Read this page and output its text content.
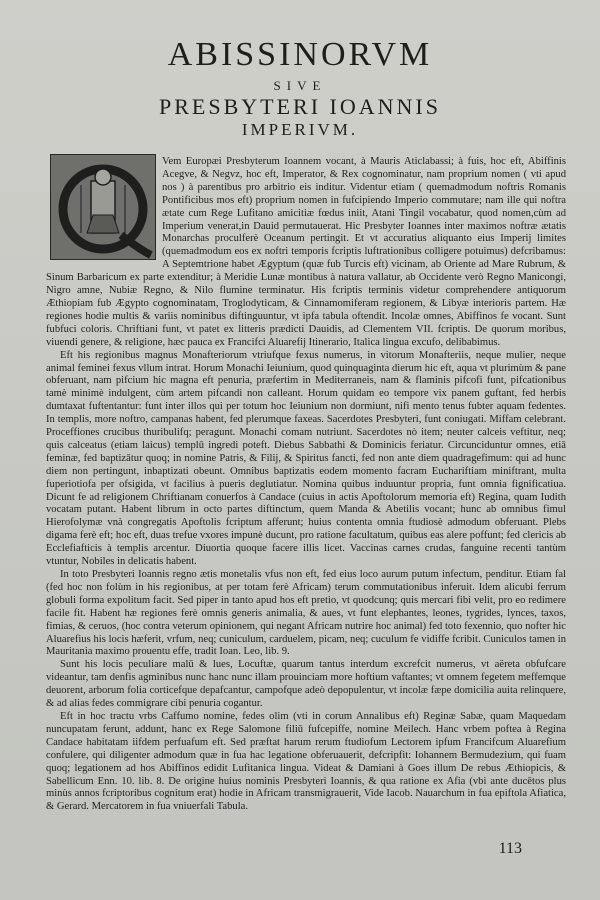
ABISSINORVM
SIVE
PRESBYTERI IOANNIS
IMPERIVM.

Vem Europæi Presbyterum Ioannem vocant, à Mauris Aticlabassi; à fuis, hoc eft, Abiffinis Acegve, & Negvz, hoc eft, Imperator, & Rex cognominatur, nam proprium nomen ( vti apud nos ) à parentibus pro arbitrio eis inditur. Videntur etiam ( quemadmodum noftris Romanis Pontificibus mos eft) proprium nomen in fufcipiendo Imperio commutare; nam ille qui noftra ætate cum Rege Lufitano amicitiæ fœdus iniit, Atani Tingil vocabatur, quod nomen,cùm ad Imperium venerat,in Dauid permutauerat. Hic Presbyter Ioannes inter maximos noftræ ætatis Monarchas proculferè Oceanum pertingit. Et vt accuratius aliquanto eius Imperij limites (quemadmodum eos ex noftri temporis fcriptis luftrationibus colligere potuimus) defcribamus: A Septemtrione habet Ægyptum (quæ fub Turcis eft) vicinam, ab Oriente ad Mare Rubrum, & Sinum Barbaricum ex parte extenditur; à Meridie Lunæ montibus à natura vallatur, ab Occidente verò Regno Manicongi, Nigro amne, Nubiæ Regno, & Nilo flumine terminatur. His fcriptis terminis videtur comprehendere antiquorum Æthiopiam fub Ægypto cognominatam, Troglodyticam, & Cinnamomiferam regionem, & Libyæ interioris partem. Hæ regiones hodie multis & variis nominibus diftinguuntur, vt ipfa tabula oftendit. Incolæ omnes, Abiffinos fe vocant. Sunt fubfuci coloris. Chriftiani funt, vt patet ex litteris prædicti Dauidis, ad Clementem VII. fcriptis. De quorum moribus, viuendi genere, & religione, hæc pauca ex Francifci Aluarefij Itinerario, Italica lingua excufo, delibabimus.

Eft his regionibus magnus Monafteriorum vtriufque fexus numerus, in vitorum Monafteriis, neque mulier, neque animal feminei fexus vllum intrat. Horum Monachi Ieiunium, quod quinquaginta dierum hic eft, aqua vt plurimùm & pane obferuant, nam pifcium hic magna eft penuria, præfertim in Mediterraneis, nam & flaminis pifcofi funt, pifcationibus tamè minimè indulgent, cùm artem pifcandi non calleant. Horum quidam eo tempore vix panem guftant, fed herbis dumtaxat fuftentantur: funt inter illos qui per totum hoc Ieiunium non dormiunt, nifi mento tenus fubter aquam fedentes. In templis, more noftro, campanas habent, fed plerumque faxeas. Sacerdotes Presbyteri, funt coniugati. Miffam celebrant. Proceffiones crucibus thuribulifq; peragunt. Monachi comam nutriunt. Sacerdotes nò item; neuter calceis veftitur, neq; quis calceatus (etiam laicus) templū ingredi poteft. Diebus Sabbathi & Dominicis feriatur. Circunciduntur omnes, etiā feminæ, fed baptizātur quoq; in nomine Patris, & Filij, & Spiritus fancti, fed non ante diem quadragefimum: qui ad hunc diem non pertingunt, inbaptizati obeunt. Omnibus baptizatis eodem momento facram Euchariftiam miniftrant, multa fuperiotiofa per ofsigida, vt facilius à pueris deglutiatur. Nomina quibus induuntur propria, funt omnia fignificatiua. Dicunt fe ad religionem Chriftianam conuerfos à Candace (cuius in actis Apoftolorum memoria eft) Regina, quam Iudith vocatam putant. Habent librum in octo partes diftinctum, quem Manda & Abetilis vocant; hunc ab omnibus fimul Hierofolymæ vnà congregatis Apoftolis fcriptum afferunt; huius contenta omnia ftudiosè admodum obferuant. Plebs digama ferè eft; hoc eft, duas trefue vxores impunè ducunt, pro ratione facultatum, quibus eas alere poffunt; fed clericis ab Ecclefiafticis à templis arcentur. Diuortia quoque facere illis licet. Vaccinas carnes crudas, fanguine recenti tantùm vtuntur, Nobiles in delicatis habent.

In toto Presbyteri Ioannis regno ætis monetalis vfus non eft, fed eius loco aurum putum infectum, penditur. Etiam fal (fed hoc non folùm in his regionibus, at per totam ferè Africam) terum commutationibus inferuit. Idem alicubi ferrum globuli forma expolitum facit. Sed piper in tanto apud hos eft pretio, vt quodcunq; quis mercari fibi velit, pro eo redimere facile fit. Habent hæ regiones ferè omnis generis animalia, & aues, vt funt elephantes, leones, tygrides, lynces, taxos, fimias, & ceruos, (hoc contra veterum opinionem, qui negant Africam nutrire hoc animal) fed toto fexennio, quo nofter hic Aluarefius his locis hæferit, vrfum, neq; cuniculum, carduelem, picam, neq; cuculum fe vidiffe fcribit. Cuniculos tamen in Mauritania maximo prouentu effe, tradit Ioan. Leo, lib. 9.

Sunt his locis peculiare malū & lues, Locuftæ, quarum tantus interdum excrefcit numerus, vt aëreta obfufcare videantur, tam denfis agminibus nunc hanc nunc illam prouinciam more hoftium vaftantes; vt omnem fegetem meffemque deuorent, arborum folia corticefque depafcantur, campofque adeò depopulentur, vt incolæ fæpe domicilia auita relinquere, & ad alias fedes commigrare cibi penuria cogantur.

Eft in hoc tractu vrbs Caffumo nomine, fedes olim (vti in corum Annalibus eft) Reginæ Sabæ, quam Maquedam nuncupatam ferunt, addunt, hanc ex Rege Salomone filiū fufcepiffe, nomine Meilech. Hanc vrbem poftea à Regina Candace habitatam iifdem perfuafum eft. Sed præftat harum rerum ftudiofum Lectorem ipfum Francifcum Aluarefium confulere, qui diligenter admodum quæ in fua hac legatione obferuauerit, defcripfit: Iohannem Bermudezium, qui fuam quoq; legationem ad hos Abiffinos edidit Lufitanica lingua. Videat & Damiani à Goes illum De rebus Æthiopicis, & Sabellicum Enn. 10. lib. 8. De origine huius nominis Presbyteri Ioannis, & qua ratione ex Afia (vbi ante ducētos plus minùs annos fcriptoribus cognitum erat) hodie in Africam transmigrauerit, Vide Iacob. Nauarchum in fua epiftola Afiatica, & Gerard. Mercatorem in fua vniuerfali Tabula.

113
